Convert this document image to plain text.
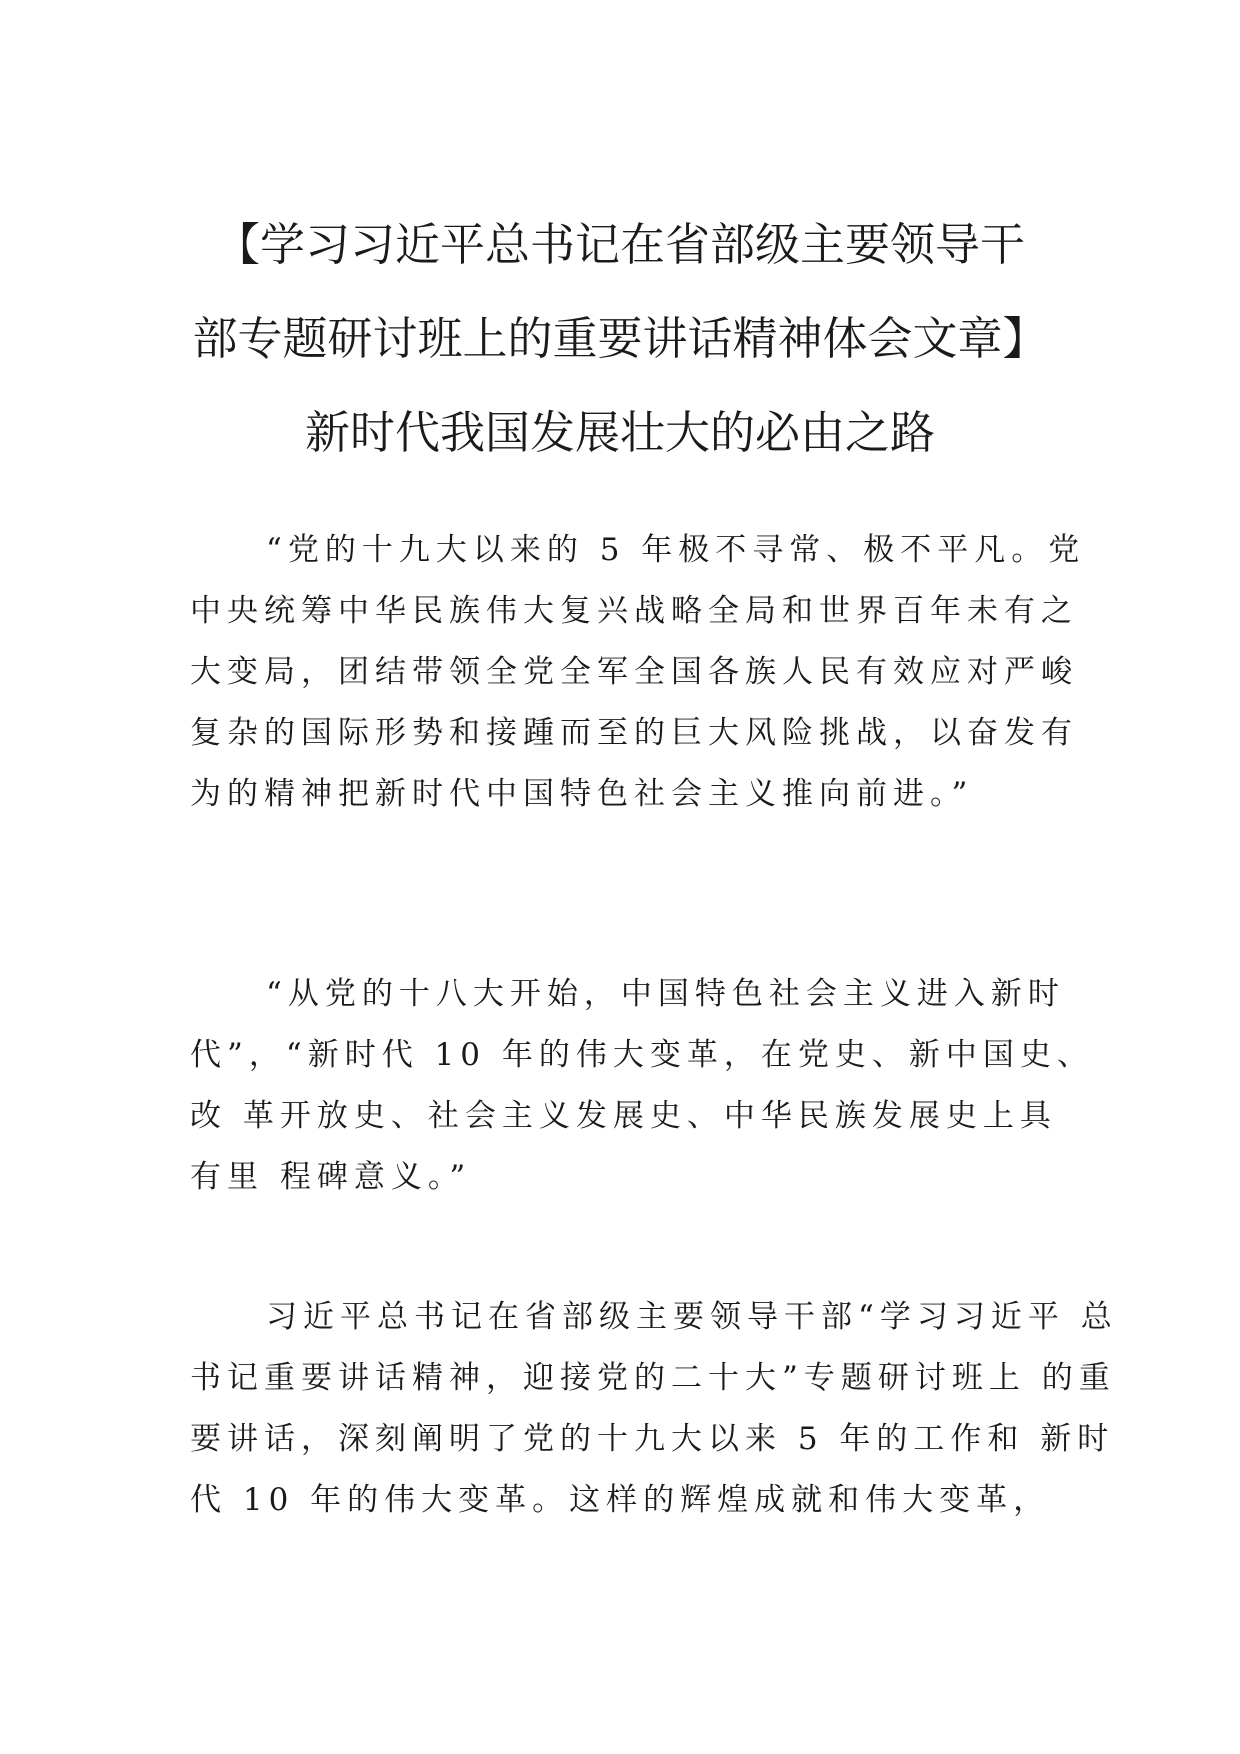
【学习习近平总书记在省部级主要领导干
部专题研讨班上的重要讲话精神体会文章】
新时代我国发展壮大的必由之路
“党的十九大以来的 5 年极不寻常、极不平凡。党
中央统筹中华民族伟大复兴战略全局和世界百年未有之
大变局，团结带领全党全军全国各族人民有效应对严峻
复杂的国际形势和接踵而至的巨大风险挑战，以奋发有
为的精神把新时代中国特色社会主义推向前进。”
“从党的十八大开始，中国特色社会主义进入新时
代”，“新时代 10 年的伟大变革，在党史、新中国史、
改 革开放史、社会主义发展史、中华民族发展史上具
有里 程碑意义。”
习近平总书记在省部级主要领导干部“学习习近平 总
书记重要讲话精神，迎接党的二十大”专题研讨班上 的重
要讲话，深刻阐明了党的十九大以来 5 年的工作和 新时
代 10 年的伟大变革。这样的辉煌成就和伟大变革，
